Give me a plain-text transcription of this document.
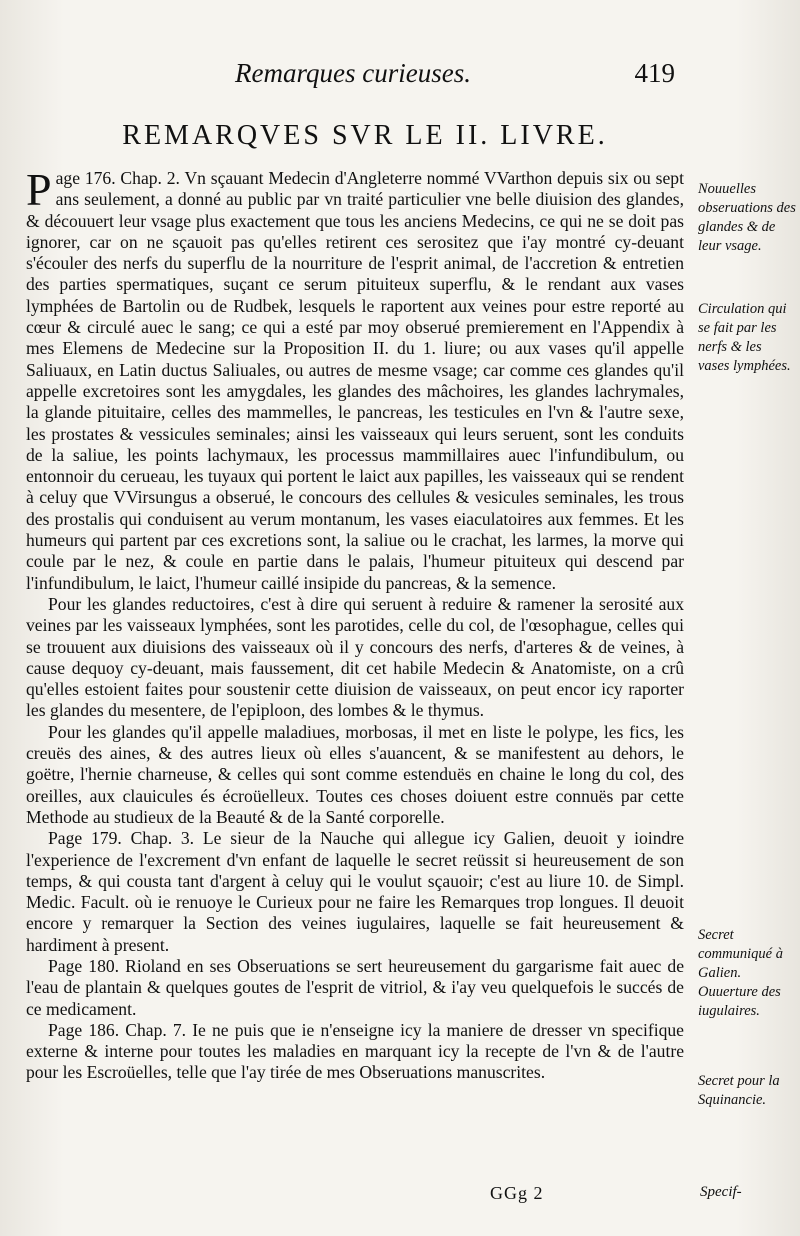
Remarques curieuses.	419
REMARQVES SVR LE II. LIVRE.

Page 176. Chap. 2. Vn sçauant Medecin d'Angleterre nommé VVarthon depuis six ou sept ans seulement, a donné au public par vn traité particulier vne belle diuision des glandes, & découuert leur vsage plus exactement que tous les anciens Medecins, ce qui ne se doit pas ignorer, car on ne sçauoit pas qu'elles retirent ces serositez que i'ay montré cy-deuant s'écouler des nerfs du superflu de la nourriture de l'esprit animal, de l'accretion & entretien des parties spermatiques, suçant ce serum pituiteux superflu, & le rendant aux vases lymphées de Bartolin ou de Rudbek, lesquels le raportent aux veines pour estre reporté au cœur & circulé auec le sang; ce qui a esté par moy obserué premierement en l'Appendix à mes Elemens de Medecine sur la Proposition II. du 1. liure; ou aux vases qu'il appelle Saliuaux, en Latin ductus Saliuales, ou autres de mesme vsage; car comme ces glandes qu'il appelle excretoires sont les amygdales, les glandes des mâchoires, les glandes lachrymales, la glande pituitaire, celles des mammelles, le pancreas, les testicules en l'vn & l'autre sexe, les prostates & vessicules seminales; ainsi les vaisseaux qui leurs seruent, sont les conduits de la saliue, les points lachymaux, les processus mammillaires auec l'infundibulum, ou entonnoir du cerueau, les tuyaux qui portent le laict aux papilles, les vaisseaux qui se rendent à celuy que VVirsungus a obserué, le concours des cellules & vesicules seminales, les trous des prostalis qui conduisent au verum montanum, les vases eiaculatoires aux femmes. Et les humeurs qui partent par ces excretions sont, la saliue ou le crachat, les larmes, la morve qui coule par le nez, & coule en partie dans le palais, l'humeur pituiteux qui descend par l'infundibulum, le laict, l'humeur caillé insipide du pancreas, & la semence.

Pour les glandes reductoires, c'est à dire qui seruent à reduire & ramener la serosité aux veines par les vaisseaux lymphées, sont les parotides, celle du col, de l'œsophague, celles qui se trouuent aux diuisions des vaisseaux où il y concours des nerfs, d'arteres & de veines, à cause dequoy cy-deuant, mais faussement, dit cet habile Medecin & Anatomiste, on a crû qu'elles estoient faites pour soustenir cette diuision de vaisseaux, on peut encor icy raporter les glandes du mesentere, de l'epiploon, des lombes & le thymus.

Pour les glandes qu'il appelle maladiues, morbosas, il met en liste le polype, les fics, les creuës des aines, & des autres lieux où elles s'auancent, & se manifestent au dehors, le goëtre, l'hernie charneuse, & celles qui sont comme estenduës en chaine le long du col, des oreilles, aux clauicules és écroüelleux. Toutes ces choses doiuent estre connuës par cette Methode au studieux de la Beauté & de la Santé corporelle.

Page 179. Chap. 3. Le sieur de la Nauche qui allegue icy Galien, deuoit y ioindre l'experience de l'excrement d'vn enfant de laquelle le secret reüssit si heureusement de son temps, & qui cousta tant d'argent à celuy qui le voulut sçauoir; c'est au liure 10. de Simpl. Medic. Facult. où ie renuoye le Curieux pour ne faire les Remarques trop longues. Il deuoit encore y remarquer la Section des veines iugulaires, laquelle se fait heureusement & hardiment à present.

Page 180. Rioland en ses Obseruations se sert heureusement du gargarisme fait auec de l'eau de plantain & quelques goutes de l'esprit de vitriol, & i'ay veu quelquefois le succés de ce medicament.

Page 186. Chap. 7. Ie ne puis que ie n'enseigne icy la maniere de dresser vn specifique externe & interne pour toutes les maladies en marquant icy la recepte de l'vn & de l'autre pour les Escroüelles, telle que l'ay tirée de mes Obseruations manuscrites.

Nouuelles obseruations des glandes & de leur vsage.
Circulation qui se fait par les nerfs & les vases lymphées.
Secret communiqué à Galien. Ouuerture des iugulaires.
Secret pour la Squinancie.
GGg 2	Specif-
